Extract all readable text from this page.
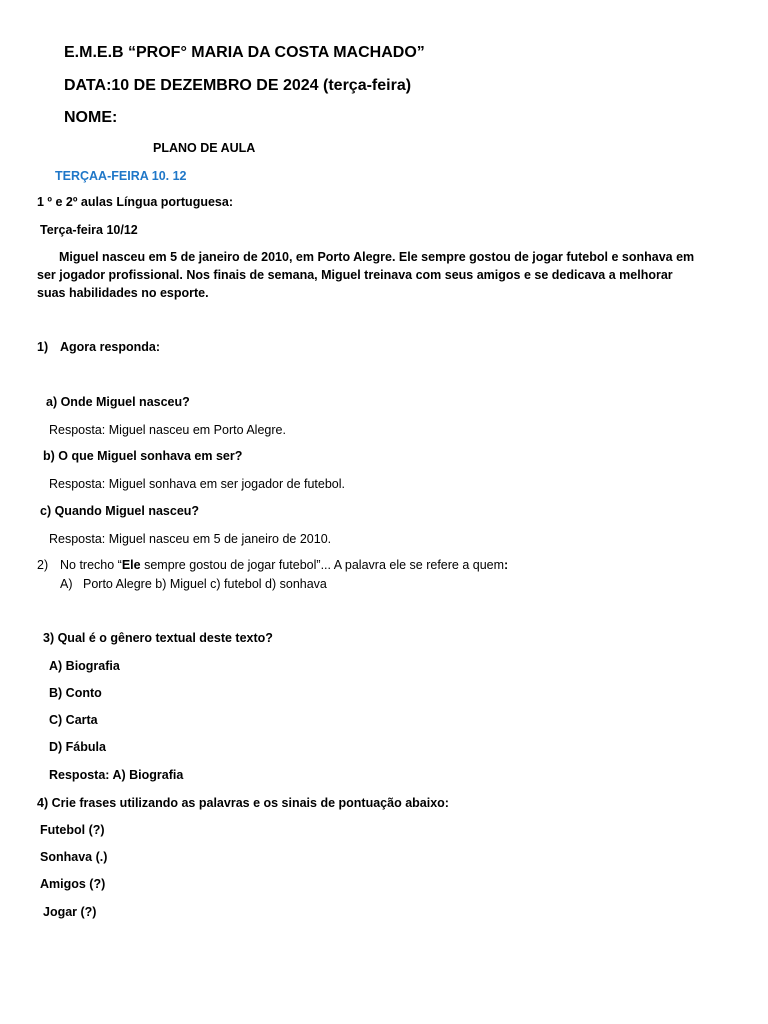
E.M.E.B “PROF° MARIA DA COSTA MACHADO”
DATA:10 DE DEZEMBRO DE 2024 (terça-feira)
NOME:
PLANO DE AULA
TERÇAA-FEIRA 10. 12
1 º e 2º aulas Língua portuguesa:
Terça-feira 10/12
Miguel nasceu em 5 de janeiro de 2010, em Porto Alegre. Ele sempre gostou de jogar futebol e sonhava em ser jogador profissional. Nos finais de semana, Miguel treinava com seus amigos e se dedicava a melhorar suas habilidades no esporte.
1) Agora responda:
a) Onde Miguel nasceu?
Resposta: Miguel nasceu em Porto Alegre.
b) O que Miguel sonhava em ser?
Resposta: Miguel sonhava em ser jogador de futebol.
c) Quando Miguel nasceu?
Resposta: Miguel nasceu em 5 de janeiro de 2010.
2) No trecho “Ele sempre gostou de jogar futebol”... A palavra ele se refere a quem:
A) Porto Alegre b) Miguel c) futebol d) sonhava
3) Qual é o gênero textual deste texto?
A) Biografia
B) Conto
C) Carta
D) Fábula
Resposta: A) Biografia
4) Crie frases utilizando as palavras e os sinais de pontuação abaixo:
Futebol (?)
Sonhava (.)
Amigos (?)
Jogar (?)
